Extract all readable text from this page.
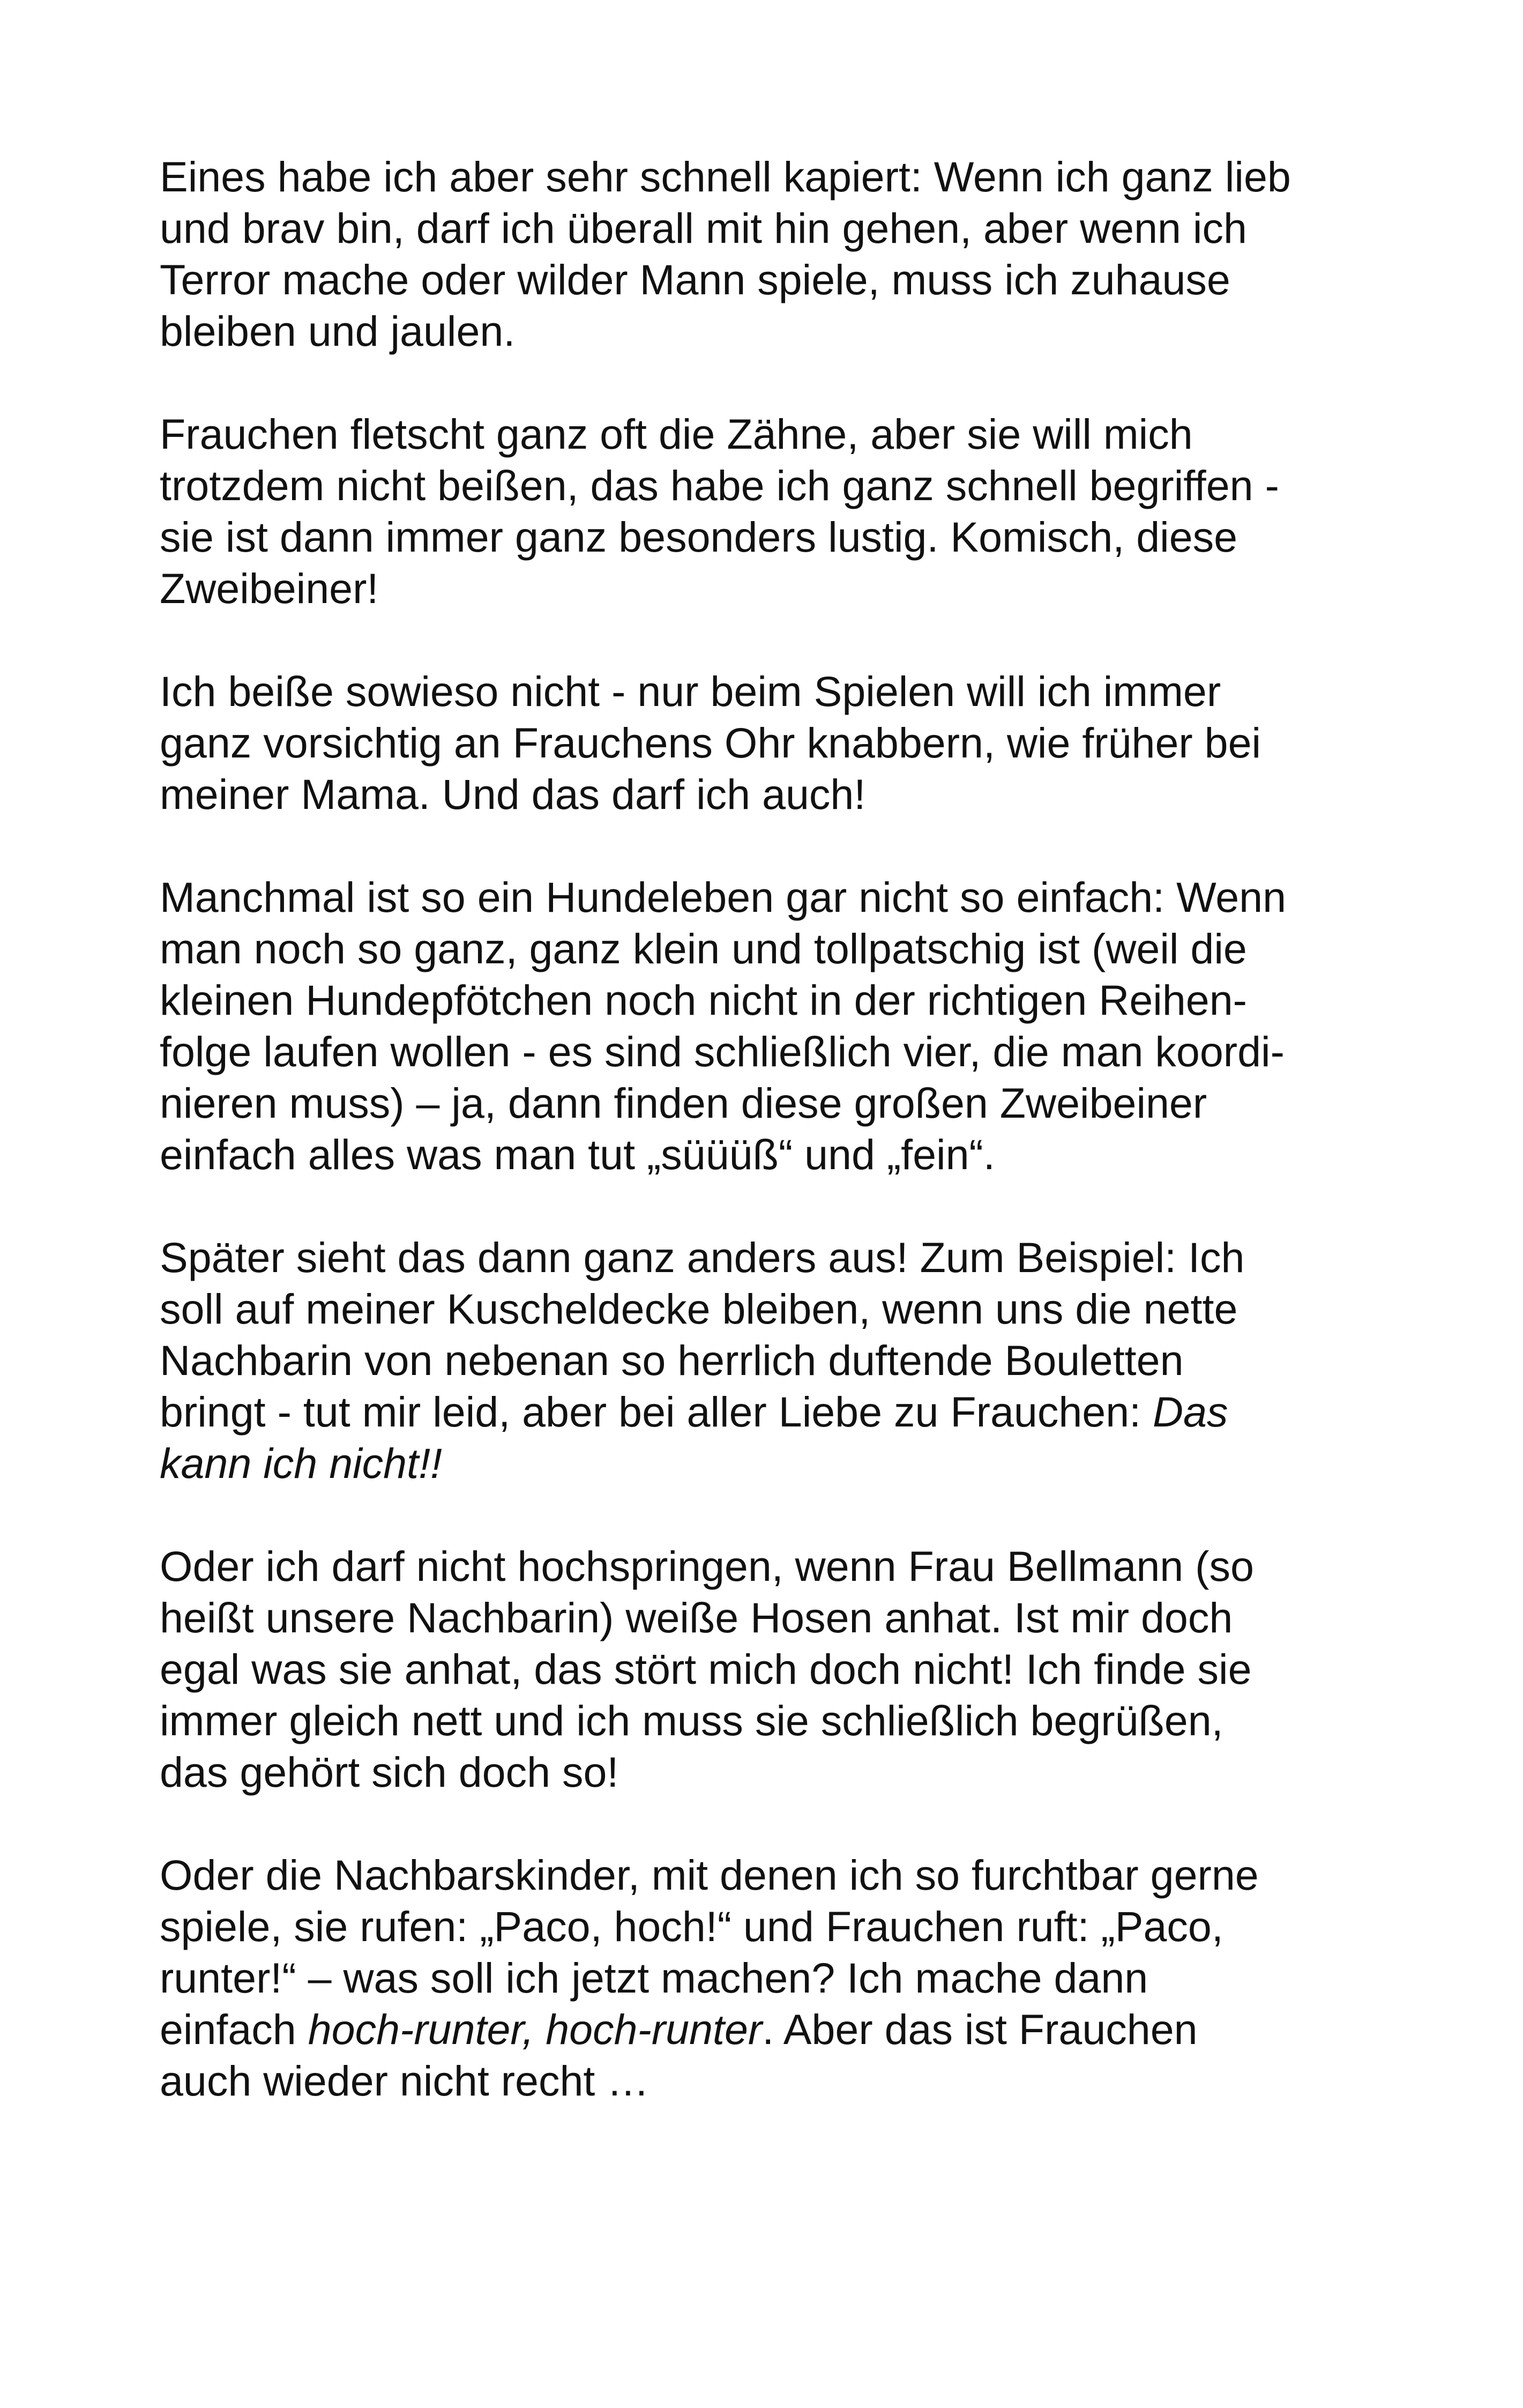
Eines habe ich aber sehr schnell kapiert: Wenn ich ganz lieb
und brav bin, darf ich überall mit hin gehen, aber wenn ich
Terror mache oder wilder Mann spiele, muss ich zuhause
bleiben und jaulen.

Frauchen fletscht ganz oft die Zähne, aber sie will mich
trotzdem nicht beißen, das habe ich ganz schnell begriffen -
sie ist dann immer ganz besonders lustig. Komisch, diese
Zweibeiner!

Ich beiße sowieso nicht - nur beim Spielen will ich immer
ganz vorsichtig an Frauchens Ohr knabbern, wie früher bei
meiner Mama. Und das darf ich auch!

Manchmal ist so ein Hundeleben gar nicht so einfach: Wenn
man noch so ganz, ganz klein und tollpatschig ist (weil die
kleinen Hundepfötchen noch nicht in der richtigen Reihen-
folge laufen wollen - es sind schließlich vier, die man koordi-
nieren muss) – ja, dann finden diese großen Zweibeiner
einfach alles was man tut „süüüß“ und „fein“.

Später sieht das dann ganz anders aus! Zum Beispiel: Ich
soll auf meiner Kuscheldecke bleiben, wenn uns die nette
Nachbarin von nebenan so herrlich duftende Bouletten
bringt - tut mir leid, aber bei aller Liebe zu Frauchen: Das
kann ich nicht!!

Oder ich darf nicht hochspringen, wenn Frau Bellmann (so
heißt unsere Nachbarin) weiße Hosen anhat. Ist mir doch
egal was sie anhat, das stört mich doch nicht! Ich finde sie
immer gleich nett und ich muss sie schließlich begrüßen,
das gehört sich doch so!

Oder die Nachbarskinder, mit denen ich so furchtbar gerne
spiele, sie rufen: „Paco, hoch!“ und Frauchen ruft: „Paco,
runter!“ – was soll ich jetzt machen? Ich mache dann
einfach hoch-runter, hoch-runter. Aber das ist Frauchen
auch wieder nicht recht …
